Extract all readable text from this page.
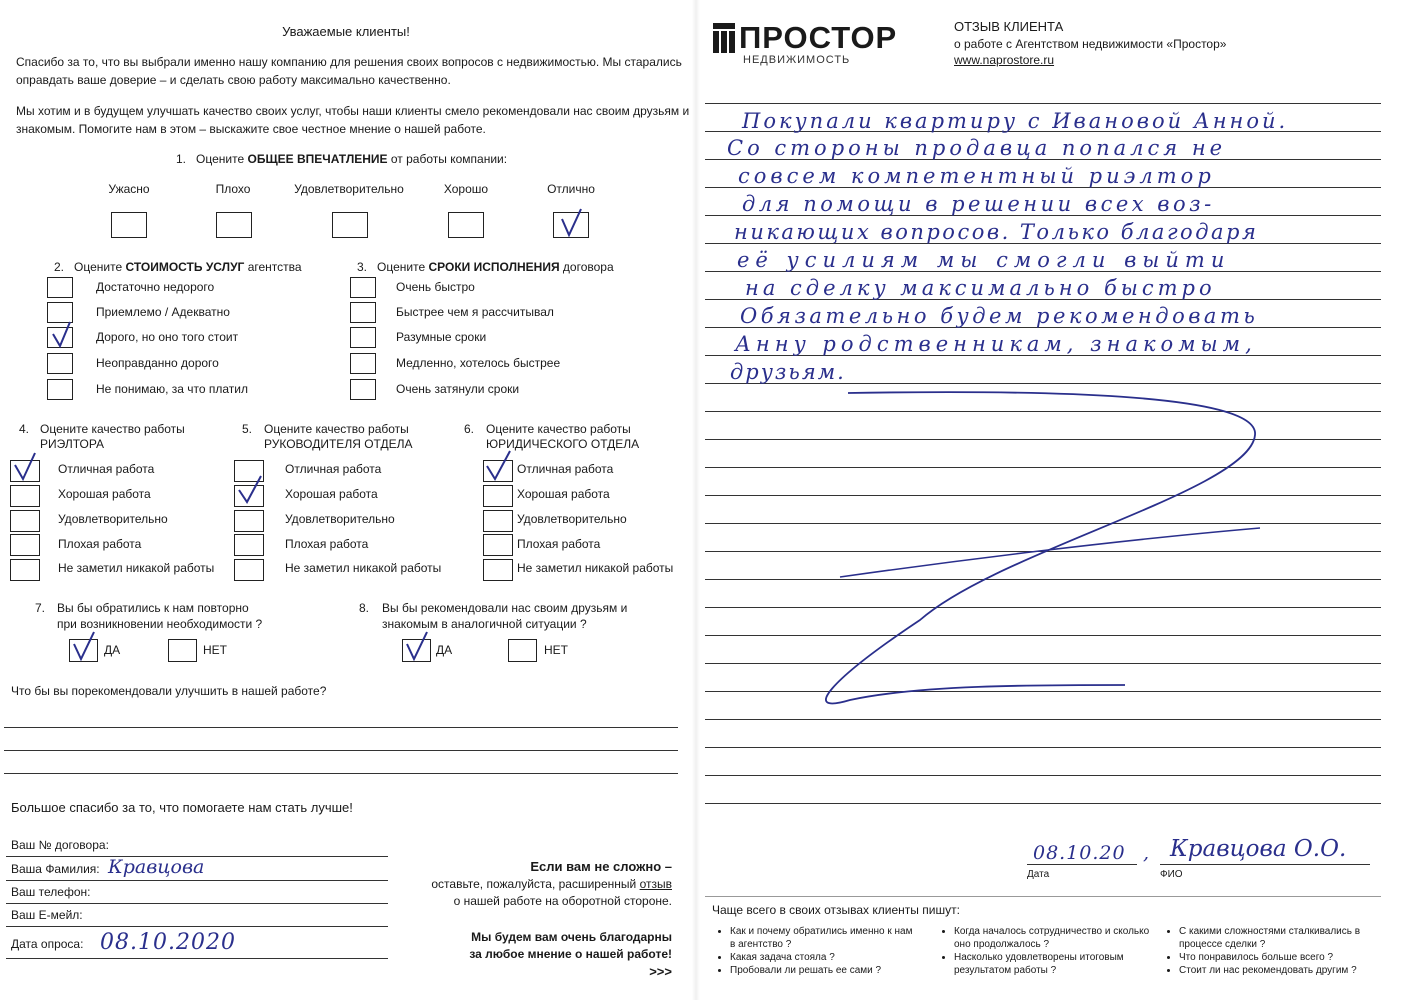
Уважаемые клиенты!
Спасибо за то, что вы выбрали именно нашу компанию для решения своих вопросов с недвижимостью. Мы старались
оправдать ваше доверие – и сделать свою работу максимально качественно.
Мы хотим и в будущем улучшать качество своих услуг, чтобы наши клиенты смело рекомендовали нас своим друзьям и
знакомым. Помогите нам в этом – выскажите свое честное мнение о нашей работе.
1. Оцените ОБЩЕЕ ВПЕЧАТЛЕНИЕ от работы компании:
Ужасно	Плохо	Удовлетворительно	Хорошо	Отлично
2. Оцените СТОИМОСТЬ УСЛУГ агентства
Достаточно недорого
Приемлемо / Адекватно
Дорого, но оно того стоит
Неоправданно дорого
Не понимаю, за что платил
3. Оцените СРОКИ ИСПОЛНЕНИЯ договора
Очень быстро
Быстрее чем я рассчитывал
Разумные сроки
Медленно, хотелось быстрее
Очень затянули сроки
4. Оцените качество работы
РИЭЛТОРА
Отличная работа
Хорошая работа
Удовлетворительно
Плохая работа
Не заметил никакой работы
5. Оцените качество работы
РУКОВОДИТЕЛЯ ОТДЕЛА
Отличная работа
Хорошая работа
Удовлетворительно
Плохая работа
Не заметил никакой работы
6. Оцените качество работы
ЮРИДИЧЕСКОГО ОТДЕЛА
Отличная работа
Хорошая работа
Удовлетворительно
Плохая работа
Не заметил никакой работы
7. Вы бы обратились к нам повторно
при возникновении необходимости ?
ДА	НЕТ
8. Вы бы рекомендовали нас своим друзьям и
знакомым в аналогичной ситуации ?
ДА	НЕТ
Что бы вы порекомендовали улучшить в нашей работе?
Большое спасибо за то, что помогаете нам стать лучше!
Ваш № договора:
Ваша Фамилия: Кравцова
Ваш телефон:
Ваш Е-мейл:
Дата опроса: 08.10.2020
Если вам не сложно –
оставьте, пожалуйста, расширенный отзыв
о нашей работе на оборотной стороне.
Мы будем вам очень благодарны
за любое мнение о нашей работе!
>>>
ПРОСТОР
НЕДВИЖИМОСТЬ
ОТЗЫВ КЛИЕНТА
о работе с Агентством недвижимости «Простор»
www.naprostore.ru
Покупали квартиру с Ивановой Анной.
Со стороны продавца попался не
совсем компетентный риэлтор
для помощи в решении всех воз-
никающих вопросов. Только благодаря
её усилиям мы смогли выйти
на сделку максимально быстро
Обязательно будем рекомендовать
Анну родственникам, знакомым,
друзьям.
08.10.20
Дата
, Кравцова О.О.
ФИО
Чаще всего в своих отзывах клиенты пишут:
• Как и почему обратились именно к нам в агентство ?
• Какая задача стояла ?
• Пробовали ли решать ее сами ?
• Когда началось сотрудничество и сколько оно продолжалось ?
• Насколько удовлетворены итоговым результатом работы ?
• С какими сложностями сталкивались в процессе сделки ?
• Что понравилось больше всего ?
• Стоит ли нас рекомендовать другим ?
